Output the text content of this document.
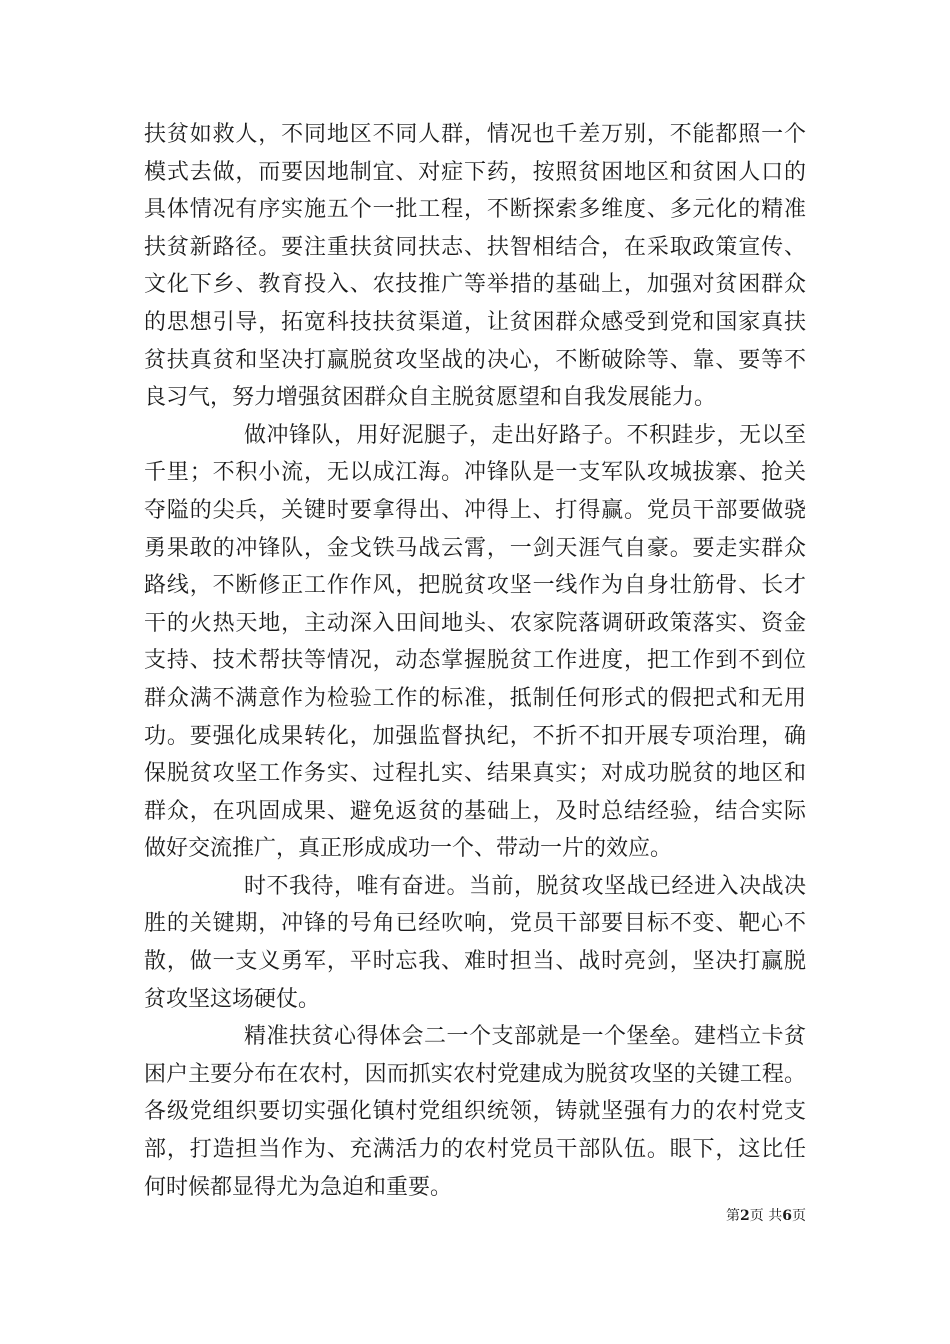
扶贫如救人，不同地区不同人群，情况也千差万别，不能都照一个
模式去做，而要因地制宜、对症下药，按照贫困地区和贫困人口的
具体情况有序实施五个一批工程，不断探索多维度、多元化的精准
扶贫新路径。要注重扶贫同扶志、扶智相结合，在采取政策宣传、
文化下乡、教育投入、农技推广等举措的基础上，加强对贫困群众
的思想引导，拓宽科技扶贫渠道，让贫困群众感受到党和国家真扶
贫扶真贫和坚决打赢脱贫攻坚战的决心，不断破除等、靠、要等不
良习气，努力增强贫困群众自主脱贫愿望和自我发展能力。
做冲锋队，用好泥腿子，走出好路子。不积跬步，无以至
千里；不积小流，无以成江海。冲锋队是一支军队攻城拔寨、抢关
夺隘的尖兵，关键时要拿得出、冲得上、打得赢。党员干部要做骁
勇果敢的冲锋队，金戈铁马战云霄，一剑天涯气自豪。要走实群众
路线，不断修正工作作风，把脱贫攻坚一线作为自身壮筋骨、长才
干的火热天地，主动深入田间地头、农家院落调研政策落实、资金
支持、技术帮扶等情况，动态掌握脱贫工作进度，把工作到不到位
群众满不满意作为检验工作的标准，抵制任何形式的假把式和无用
功。要强化成果转化，加强监督执纪，不折不扣开展专项治理，确
保脱贫攻坚工作务实、过程扎实、结果真实；对成功脱贫的地区和
群众，在巩固成果、避免返贫的基础上，及时总结经验，结合实际
做好交流推广，真正形成成功一个、带动一片的效应。
时不我待，唯有奋进。当前，脱贫攻坚战已经进入决战决
胜的关键期，冲锋的号角已经吹响，党员干部要目标不变、靶心不
散，做一支义勇军，平时忘我、难时担当、战时亮剑，坚决打赢脱
贫攻坚这场硬仗。
精准扶贫心得体会二一个支部就是一个堡垒。建档立卡贫
困户主要分布在农村，因而抓实农村党建成为脱贫攻坚的关键工程。
各级党组织要切实强化镇村党组织统领，铸就坚强有力的农村党支
部，打造担当作为、充满活力的农村党员干部队伍。眼下，这比任
何时候都显得尤为急迫和重要。
第2页 共6页
